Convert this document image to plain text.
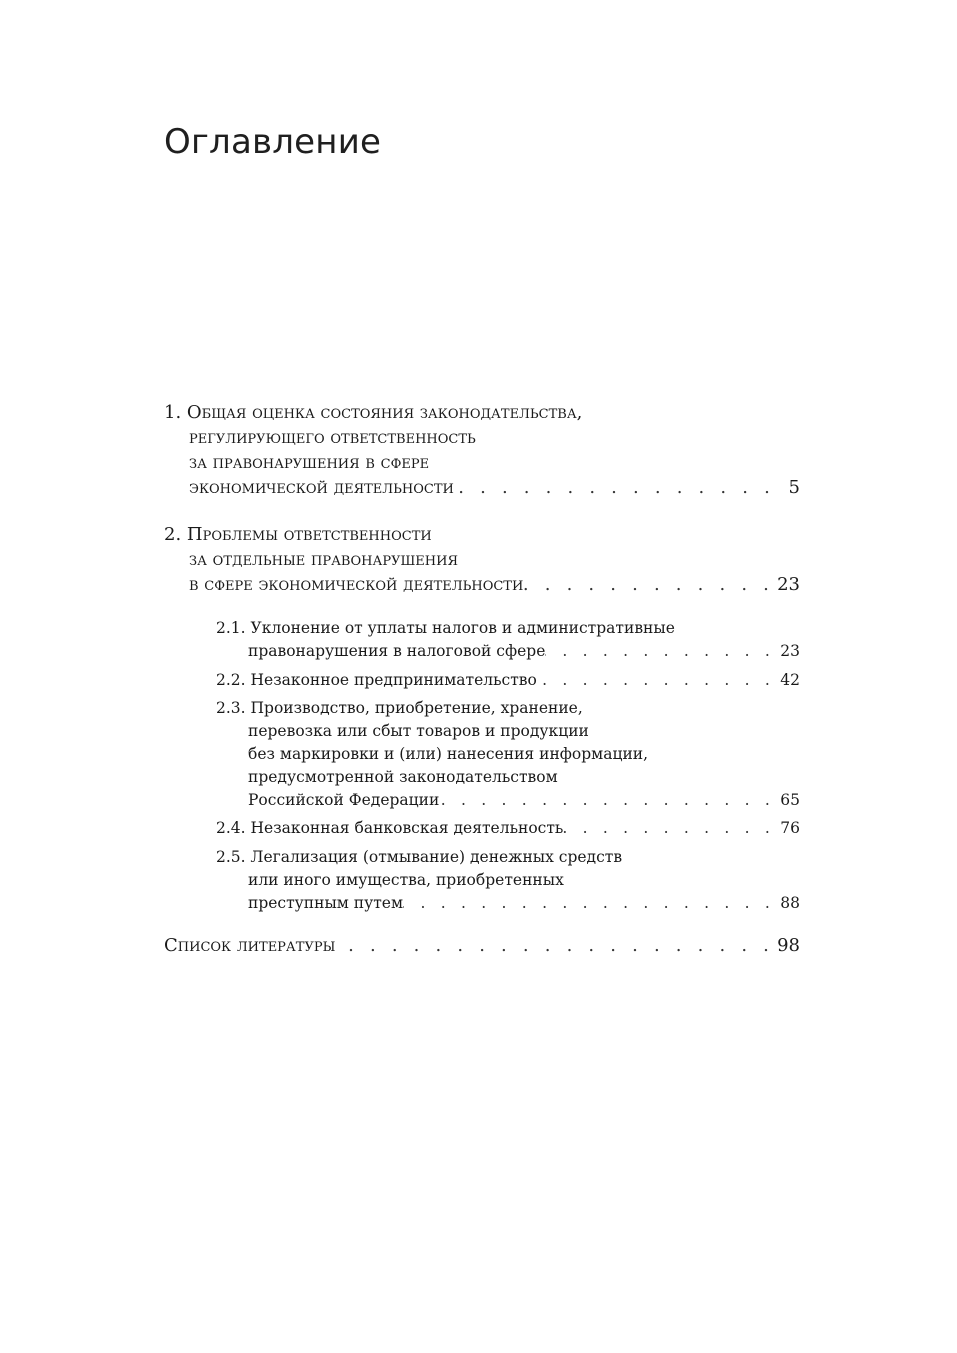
Оглавление
1. Общая оценка состояния законодательства,
регулирующего ответственность
за правонарушения в сфере
экономической деятельности . . .	5
2. Проблемы ответственности
за отдельные правонарушения
в сфере экономической деятельности . . .	23
2.1. Уклонение от уплаты налогов и административные
правонарушения в налоговой сфере . . .	23
2.2. Незаконное предпринимательство . . .	42
2.3. Производство, приобретение, хранение,
перевозка или сбыт товаров и продукции
без маркировки и (или) нанесения информации,
предусмотренной законодательством
Российской Федерации . . .	65
2.4. Незаконная банковская деятельность . . .	76
2.5. Легализация (отмывание) денежных средств
или иного имущества, приобретенных
преступным путем . . .	88
Список литературы . . .	98
